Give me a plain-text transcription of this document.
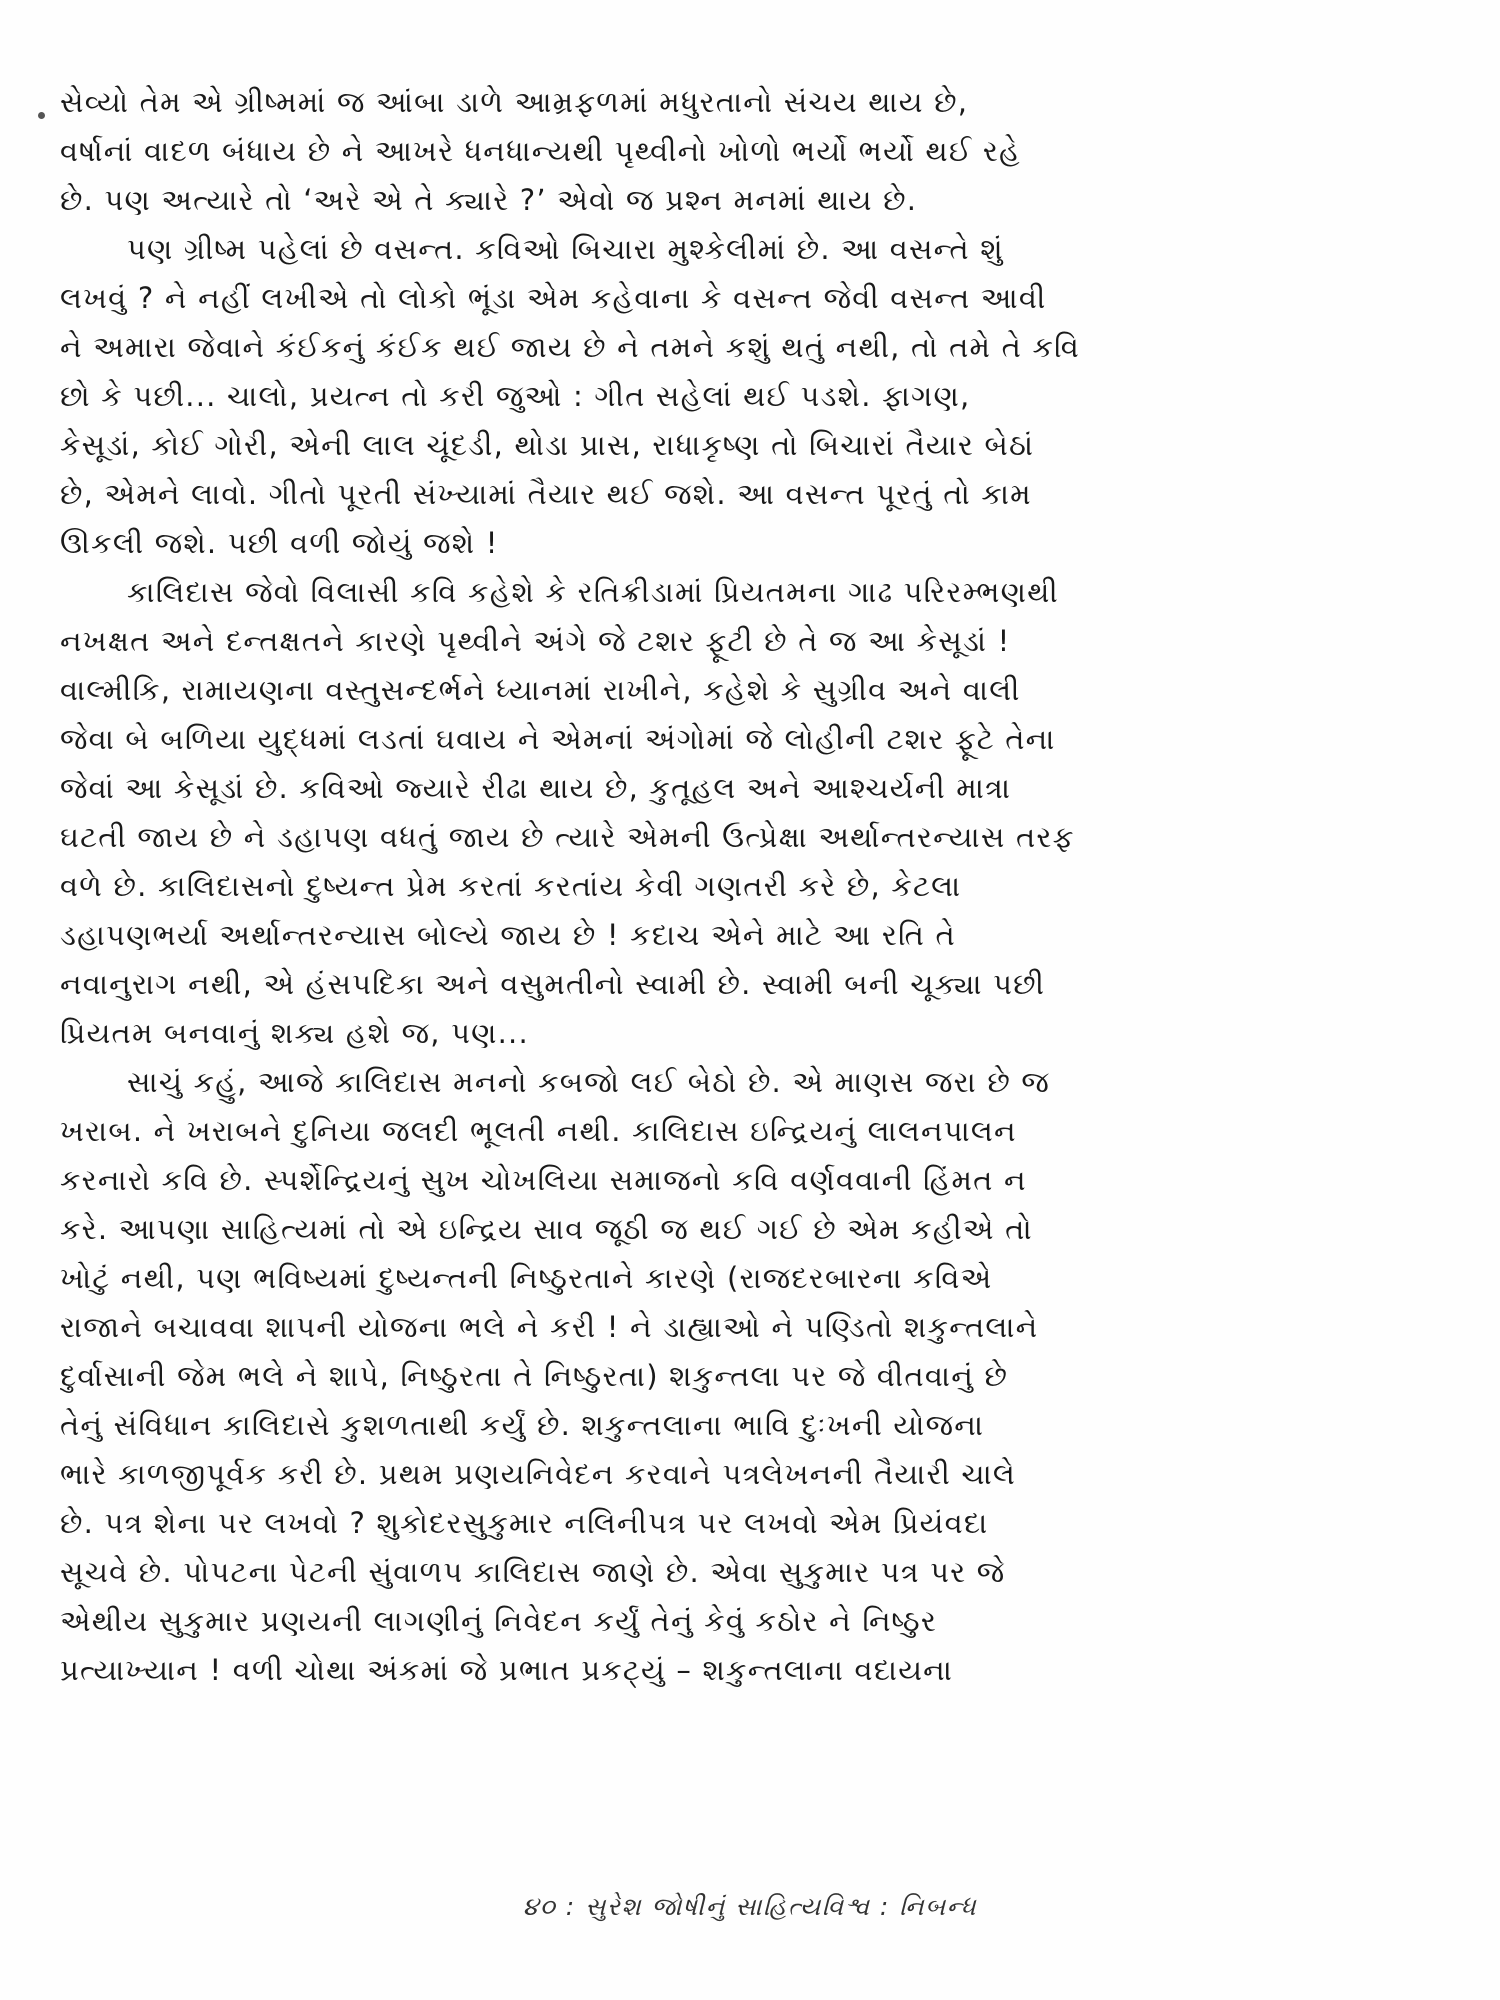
સેવ્યો તેમ એ ગ્રીષ્મમાં જ આંબા ડાળે આમ્રફળમાં મધુરતાનો સંચય થાય છે,
વર્ષાનાં વાદળ બંધાય છે ને આખરે ધનધાન્યથી પૃથ્વીનો ખોળો ભર્યો ભર્યો થઈ રહે
છે. પણ અત્યારે તો ‘અરે એ તે ક્યારે ?’ એવો જ પ્રશ્ન મનમાં થાય છે.
પણ ગ્રીષ્મ પહેલાં છે વસન્ત. કવિઓ બિચારા મુશ્કેલીમાં છે. આ વસન્તે શું
લખવું ? ને નહીં લખીએ તો લોકો ભૂંડા એમ કહેવાના કે વસન્ત જેવી વસન્ત આવી
ને અમારા જેવાને કંઈકનું કંઈક થઈ જાય છે ને તમને કશું થતું નથી, તો તમે તે કવિ
છો કે પછી... ચાલો, પ્રયત્ન તો કરી જુઓ : ગીત સહેલાં થઈ પડશે. ફાગણ,
કેસૂડાં, કોઈ ગોરી, એની લાલ ચૂંદડી, થોડા પ્રાસ, રાધાકૃષ્ણ તો બિચારાં તૈયાર બેઠાં
છે, એમને લાવો. ગીતો પૂરતી સંખ્યામાં તૈયાર થઈ જશે. આ વસન્ત પૂરતું તો કામ
ઊકલી જશે. પછી વળી જોયું જશે !
કાલિદાસ જેવો વિલાસી કવિ કહેશે કે રતિક્રીડામાં પ્રિયતમના ગાઢ પરિરમ્ભણથી
નખક્ષત અને દન્તક્ષતને કારણે પૃથ્વીને અંગે જે ટશર ફૂટી છે તે જ આ કેસૂડાં !
વાલ્મીકિ, રામાયણના વસ્તુસન્દર્ભને ધ્યાનમાં રાખીને, કહેશે કે સુગ્રીવ અને વાલી
જેવા બે બળિયા યુદ્ધમાં લડતાં ઘવાય ને એમનાં અંગોમાં જે લોહીની ટશર ફૂટે તેના
જેવાં આ કેસૂડાં છે. કવિઓ જ્યારે રીઢા થાય છે, કુતૂહલ અને આશ્ચર્યની માત્રા
ઘટતી જાય છે ને ડહાપણ વધતું જાય છે ત્યારે એમની ઉત્પ્રેક્ષા અર્થાન્તરન્યાસ તરફ
વળે છે. કાલિદાસનો દુષ્યન્ત પ્રેમ કરતાં કરતાંય કેવી ગણતરી કરે છે, કેટલા
ડહાપણભર્યા અર્થાન્તરન્યાસ બોલ્યે જાય છે ! કદાચ એને માટે આ રતિ તે
નવાનુરાગ નથી, એ હંસપદિકા અને વસુમતીનો સ્વામી છે. સ્વામી બની ચૂક્યા પછી
પ્રિયતમ બનવાનું શક્ય હશે જ, પણ...
સાચું કહું, આજે કાલિદાસ મનનો કબજો લઈ બેઠો છે. એ માણસ જરા છે જ
ખરાબ. ને ખરાબને દુનિયા જલદી ભૂલતી નથી. કાલિદાસ ઇન્દ્રિયનું લાલનપાલન
કરનારો કવિ છે. સ્પર્શેન્દ્રિયનું સુખ ચોખલિયા સમાજનો કવિ વર્ણવવાની હિંમત ન
કરે. આપણા સાહિત્યમાં તો એ ઇન્દ્રિય સાવ જૂઠી જ થઈ ગઈ છે એમ કહીએ તો
ખોટું નથી, પણ ભવિષ્યમાં દુષ્યન્તની નિષ્ઠુરતાને કારણે (રાજદરબારના કવિએ
રાજાને બચાવવા શાપની યોજના ભલે ને કરી ! ને ડાહ્યાઓ ને પણ્ડિતો શકુન્તલાને
દુર્વાસાની જેમ ભલે ને શાપે, નિષ્ઠુરતા તે નિષ્ઠુરતા) શકુન્તલા પર જે વીતવાનું છે
તેનું સંવિધાન કાલિદાસે કુશળતાથી કર્યું છે. શકુન્તલાના ભાવિ દુઃખની યોજના
ભારે કાળજીપૂર્વક કરી છે. પ્રથમ પ્રણયનિવેદન કરવાને પત્રલેખનની તૈયારી ચાલે
છે. પત્ર શેના પર લખવો ? શુકોદરસુકુમાર નલિનીપત્ર પર લખવો એમ પ્રિયંવદા
સૂચવે છે. પોપટના પેટની સુંવાળપ કાલિદાસ જાણે છે. એવા સુકુમાર પત્ર પર જે
એથીય સુકુમાર પ્રણયની લાગણીનું નિવેદન કર્યું તેનું કેવું કઠોર ને નિષ્ઠુર
પ્રત્યાખ્યાન ! વળી ચોથા અંકમાં જે પ્રભાત પ્રકટ્યું – શકુન્તલાના વદાયના
૪૦ : સુરેશ જોષીનું સાહિત્યવિશ્વ : નિબન્ધ
